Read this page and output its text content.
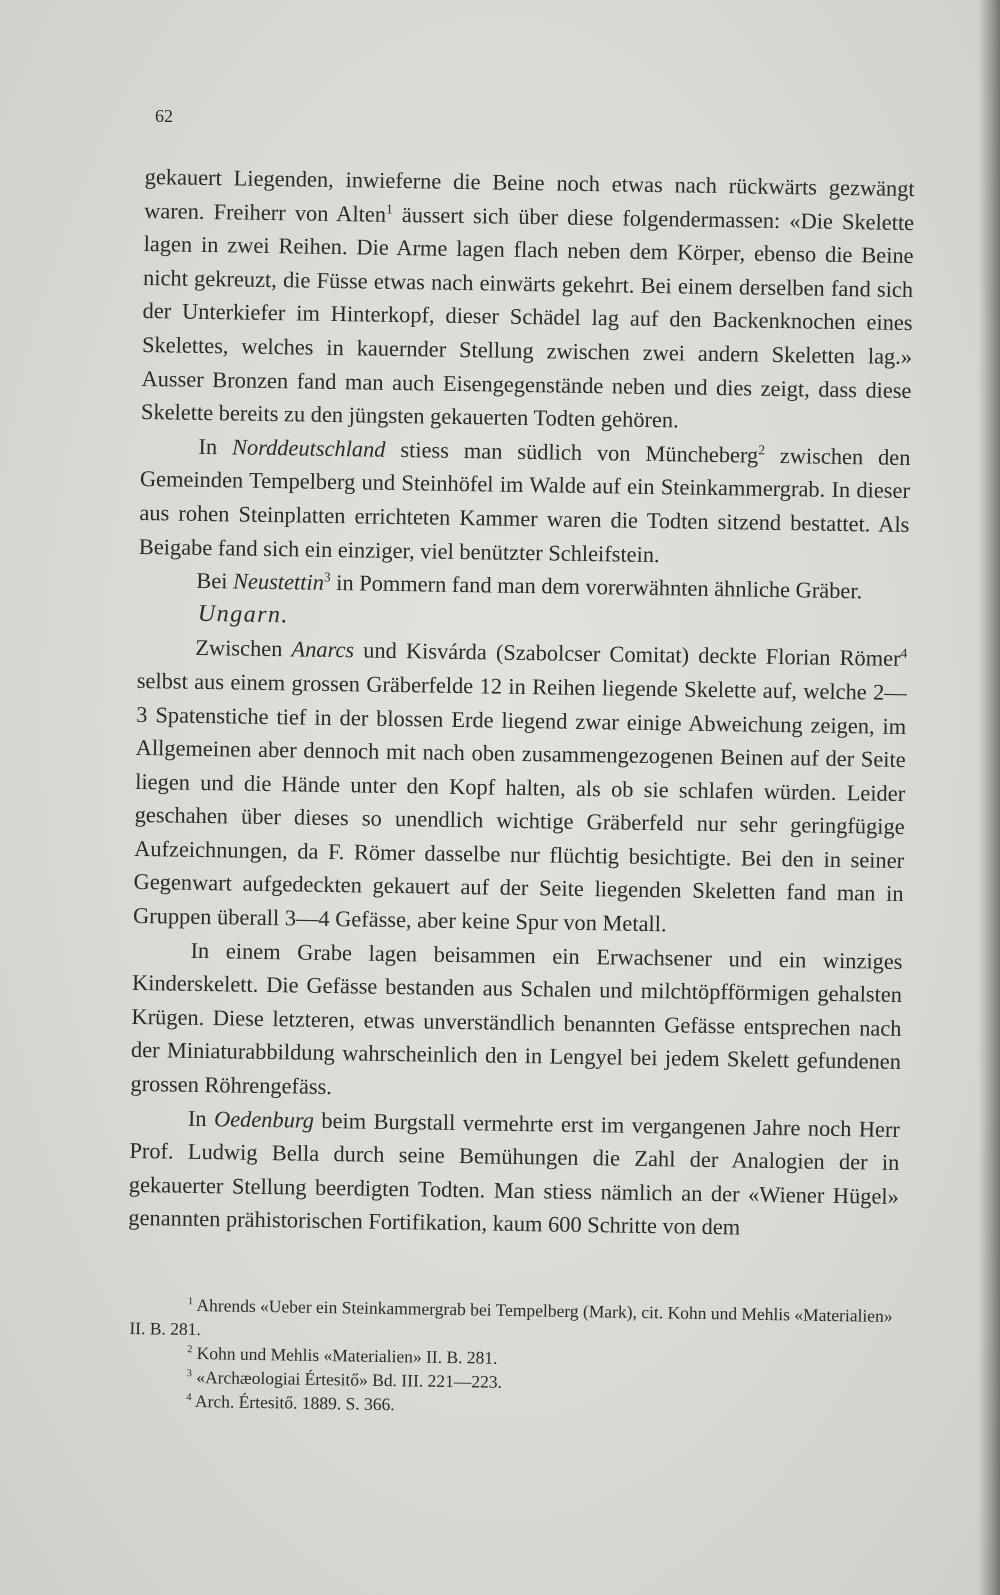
62

gekauert Liegenden, inwieferne die Beine noch etwas nach rückwärts gezwängt waren. Freiherr von Alten$^1$ äussert sich über diese folgendermassen: «Die Skelette lagen in zwei Reihen. Die Arme lagen flach neben dem Körper, ebenso die Beine nicht gekreuzt, die Füsse etwas nach einwärts gekehrt. Bei einem derselben fand sich der Unterkiefer im Hinterkopf, dieser Schädel lag auf den Backenknochen eines Skelettes, welches in kauernder Stellung zwischen zwei andern Skeletten lag.» Ausser Bronzen fand man auch Eisengegenstände neben und dies zeigt, dass diese Skelette bereits zu den jüngsten gekauerten Todten gehören.

In Norddeutschland stiess man südlich von Müncheberg$^2$ zwischen den Gemeinden Tempelberg und Steinhöfel im Walde auf ein Steinkammergrab. In dieser aus rohen Steinplatten errichteten Kammer waren die Todten sitzend bestattet. Als Beigabe fand sich ein einziger, viel benützter Schleifstein.

Bei Neustettin$^3$ in Pommern fand man dem vorerwähnten ähnliche Gräber.

Ungarn.

Zwischen Anarcs und Kisvárda (Szabolcser Comitat) deckte Florian Römer$^4$ selbst aus einem grossen Gräberfelde 12 in Reihen liegende Skelette auf, welche 2—3 Spatenstiche tief in der blossen Erde liegend zwar einige Abweichung zeigen, im Allgemeinen aber dennoch mit nach oben zusammengezogenen Beinen auf der Seite liegen und die Hände unter den Kopf halten, als ob sie schlafen würden. Leider geschahen über dieses so unendlich wichtige Gräberfeld nur sehr geringfügige Aufzeichnungen, da F. Römer dasselbe nur flüchtig besichtigte. Bei den in seiner Gegenwart aufgedeckten gekauert auf der Seite liegenden Skeletten fand man in Gruppen überall 3—4 Gefässe, aber keine Spur von Metall.

In einem Grabe lagen beisammen ein Erwachsener und ein winziges Kinderskelett. Die Gefässe bestanden aus Schalen und milchtöpfförmigen gehalsten Krügen. Diese letzteren, etwas unverständlich benannten Gefässe entsprechen nach der Miniaturabbildung wahrscheinlich den in Lengyel bei jedem Skelett gefundenen grossen Röhrengefäss.

In Oedenburg beim Burgstall vermehrte erst im vergangenen Jahre noch Herr Prof. Ludwig Bella durch seine Bemühungen die Zahl der Analogien der in gekauerter Stellung beerdigten Todten. Man stiess nämlich an der «Wiener Hügel» genannten prähistorischen Fortifikation, kaum 600 Schritte von dem

$^1$ Ahrends «Ueber ein Steinkammergrab bei Tempelberg (Mark), cit. Kohn und Mehlis «Materialien» II. B. 281.

$^2$ Kohn und Mehlis «Materialien» II. B. 281.

$^3$ «Archæologiai Értesitő» Bd. III. 221—223.

$^4$ Arch. Értesitő. 1889. S. 366.
